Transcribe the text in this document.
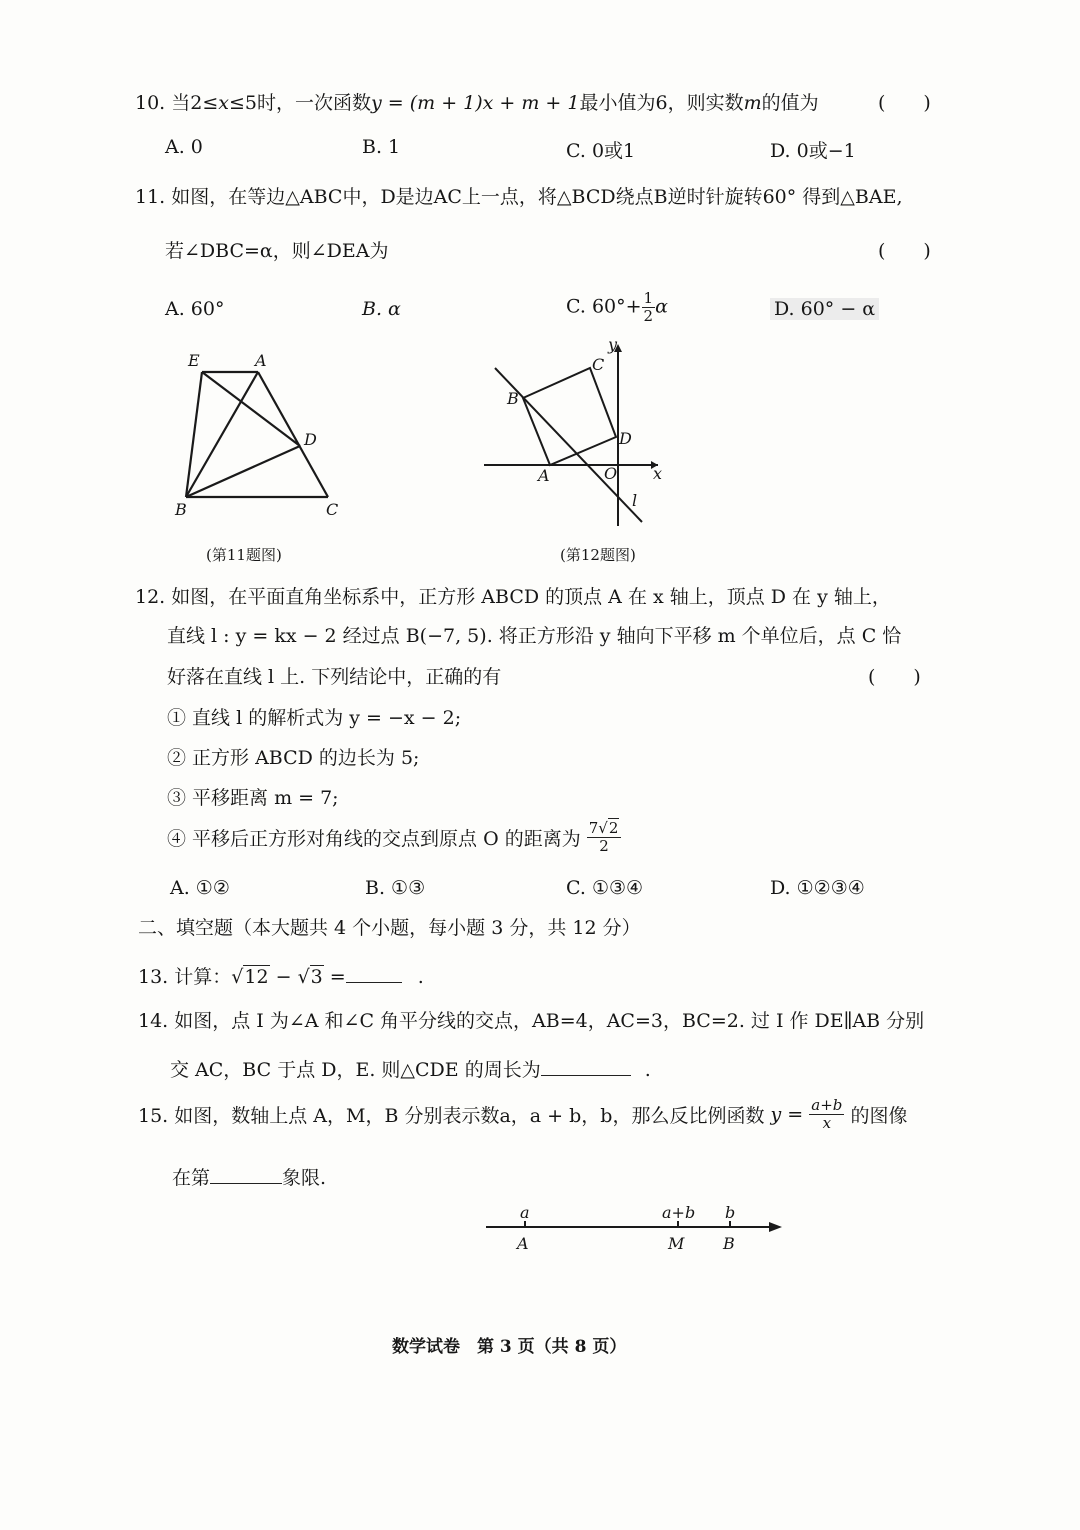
10. 当2≤x≤5时，一次函数y = (m + 1)x + m + 1最小值为6，则实数m的值为	(　　)
A. 0	B. 1	C. 0或1	D. 0或−1
11. 如图，在等边△ABC中，D是边AC上一点，将△BCD绕点B逆时针旋转60° 得到△BAE,
若∠DBC=α，则∠DEA为	(　　)
A. 60°	B. α	C. $60^\circ+ \frac{1}{2}$ α	D. 60° − α
E	A
D
B	C
(第11题图)
C
y
B
D
A	O x
l
(第12题图)
12. 如图，在平面直角坐标系中，正方形 ABCD 的顶点 A 在 x 轴上，顶点 D 在 y 轴上，
直线 l : y = kx − 2 经过点 B(−7, 5). 将正方形沿 y 轴向下平移 m 个单位后，点 C 恰
好落在直线 l 上. 下列结论中，正确的有	(　　)
① 直线 l 的解析式为 y = −x − 2;
② 正方形 ABCD 的边长为 5;
③ 平移距离 m = 7;
④ 平移后正方形对角线的交点到原点 O 的距离为 $\frac{7√2}{2}$
A. ①②	B. ①③	C. ①③④	D. ①②③④
二、填空题（本大题共 4 个小题，每小题 3 分，共 12 分）
13. 计算：√12 − √3 =	.
14. 如图，点 I 为∠A 和∠C 角平分线的交点，AB=4，AC=3，BC=2. 过 I 作 DE∥AB 分别
交 AC，BC 于点 D，E. 则△CDE 的周长为	.
15. 如图，数轴上点 A，M，B 分别表示数a，a + b，b，那么反比例函数 $y = \frac{a+b}{x}$ 的图像
在第	象限.
a	a+b b
A	M B
数学试卷　第 3 页（共 8 页）
